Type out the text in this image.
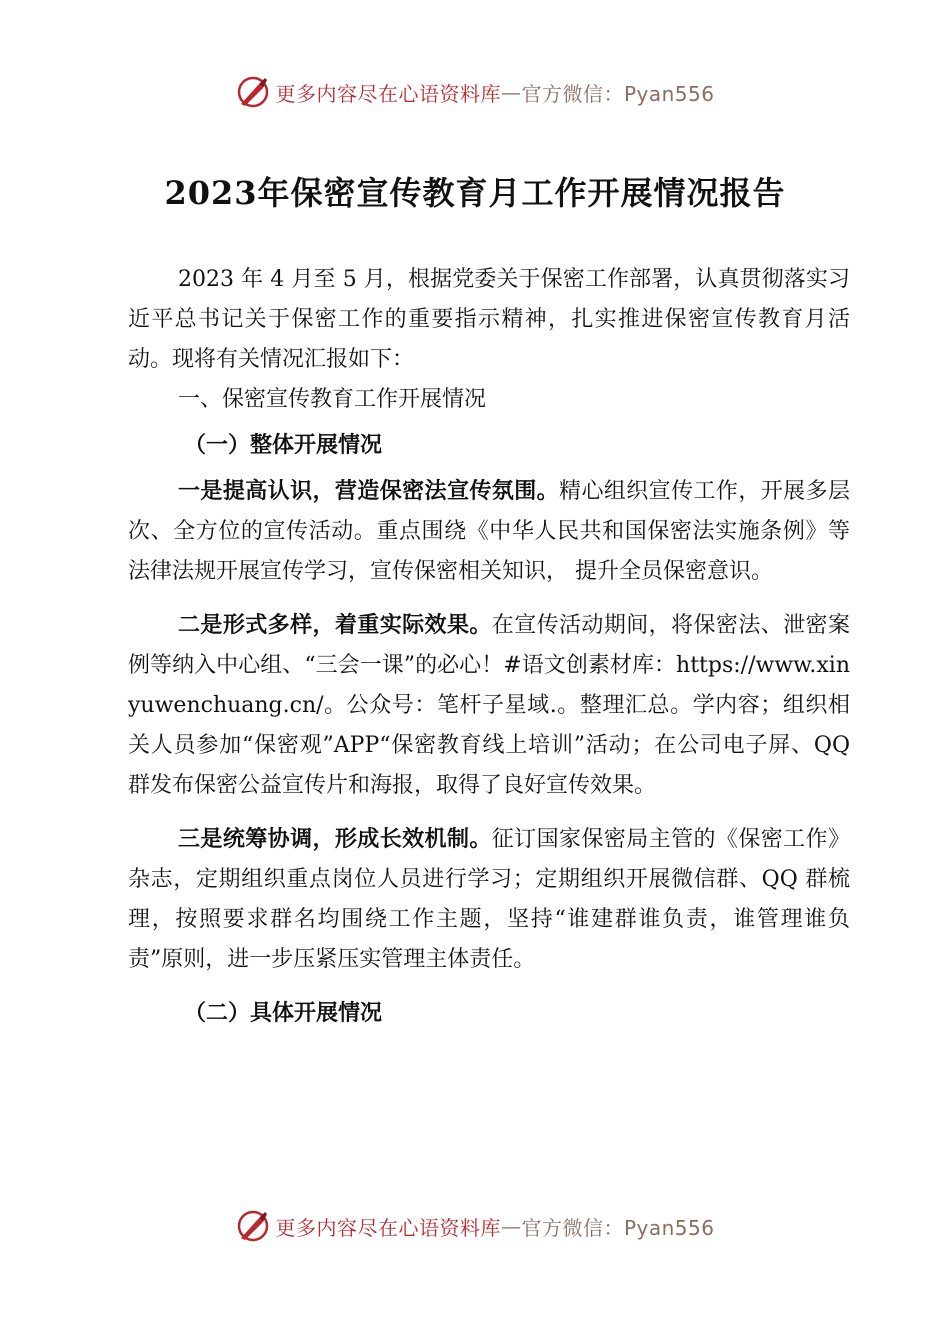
更多内容尽在心语资料库 — 官方微信：Pyan556
2023年保密宣传教育月工作开展情况报告

2023 年 4 月至 5 月，根据党委关于保密工作部署，认真贯彻落实习近平总书记关于保密工作的重要指示精神，扎实推进保密宣传教育月活动。现将有关情况汇报如下：

一、保密宣传教育工作开展情况

（一）整体开展情况

一是提高认识，营造保密法宣传氛围。精心组织宣传工作，开展多层次、全方位的宣传活动。重点围绕《中华人民共和国保密法实施条例》等法律法规开展宣传学习，宣传保密相关知识， 提升全员保密意识。

二是形式多样，着重实际效果。在宣传活动期间，将保密法、泄密案例等纳入中心组、“三会一课”的必心！#语文创素材库：https://www.xinyuwenchuang.cn/。公众号：笔杆子星域.。整理汇总。学内容；组织相关人员参加“保密观”APP“保密教育线上培训”活动；在公司电子屏、QQ 群发布保密公益宣传片和海报，取得了良好宣传效果。

三是统筹协调，形成长效机制。征订国家保密局主管的《保密工作》杂志，定期组织重点岗位人员进行学习；定期组织开展微信群、QQ 群梳理，按照要求群名均围绕工作主题，坚持“谁建群谁负责，谁管理谁负责”原则，进一步压紧压实管理主体责任。

（二）具体开展情况

更多内容尽在心语资料库 — 官方微信：Pyan556
